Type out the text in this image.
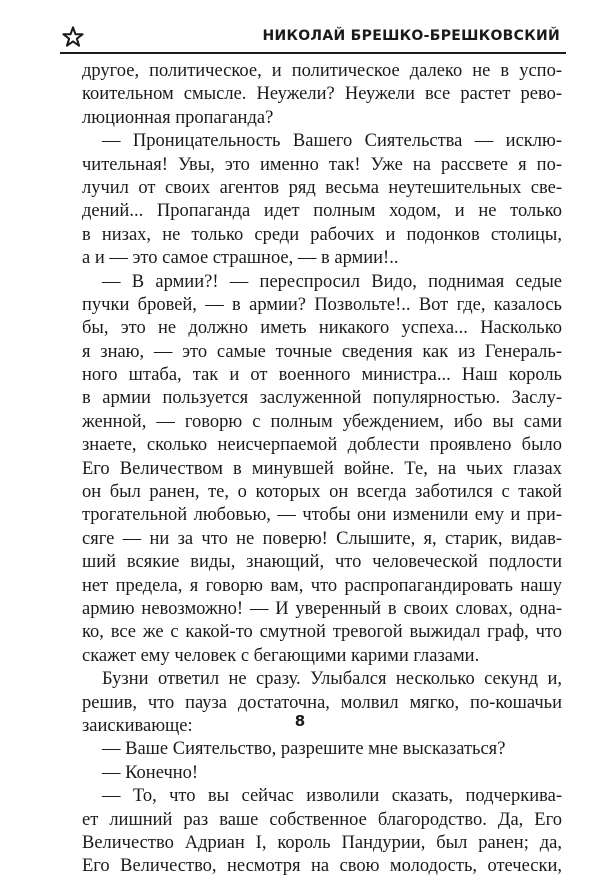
НИКОЛАЙ БРЕШКО-БРЕШКОВСКИЙ
другое, политическое, и политическое далеко не в успо-
коительном смысле. Неужели? Неужели все растет рево-
люционная пропаганда?
— Проницательность Вашего Сиятельства — исклю-
чительная! Увы, это именно так! Уже на рассвете я по-
лучил от своих агентов ряд весьма неутешительных све-
дений... Пропаганда идет полным ходом, и не только
в низах, не только среди рабочих и подонков столицы,
а и — это самое страшное, — в армии!..
— В армии?! — переспросил Видо, поднимая седые
пучки бровей, — в армии? Позвольте!.. Вот где, казалось
бы, это не должно иметь никакого успеха... Насколько
я знаю, — это самые точные сведения как из Генераль-
ного штаба, так и от военного министра... Наш король
в армии пользуется заслуженной популярностью. Заслу-
женной, — говорю с полным убеждением, ибо вы сами
знаете, сколько неисчерпаемой доблести проявлено было
Его Величеством в минувшей войне. Те, на чьих глазах
он был ранен, те, о которых он всегда заботился с такой
трогательной любовью, — чтобы они изменили ему и при-
сяге — ни за что не поверю! Слышите, я, старик, видав-
ший всякие виды, знающий, что человеческой подлости
нет предела, я говорю вам, что распропагандировать нашу
армию невозможно! — И уверенный в своих словах, одна-
ко, все же с какой-то смутной тревогой выжидал граф, что
скажет ему человек с бегающими карими глазами.
Бузни ответил не сразу. Улыбался несколько секунд и,
решив, что пауза достаточна, молвил мягко, по-кошачьи
заискивающе:
— Ваше Сиятельство, разрешите мне высказаться?
— Конечно!
— То, что вы сейчас изволили сказать, подчеркива-
ет лишний раз ваше собственное благородство. Да, Его
Величество Адриан I, король Пандурии, был ранен; да,
Его Величество, несмотря на свою молодость, отечески,
8
